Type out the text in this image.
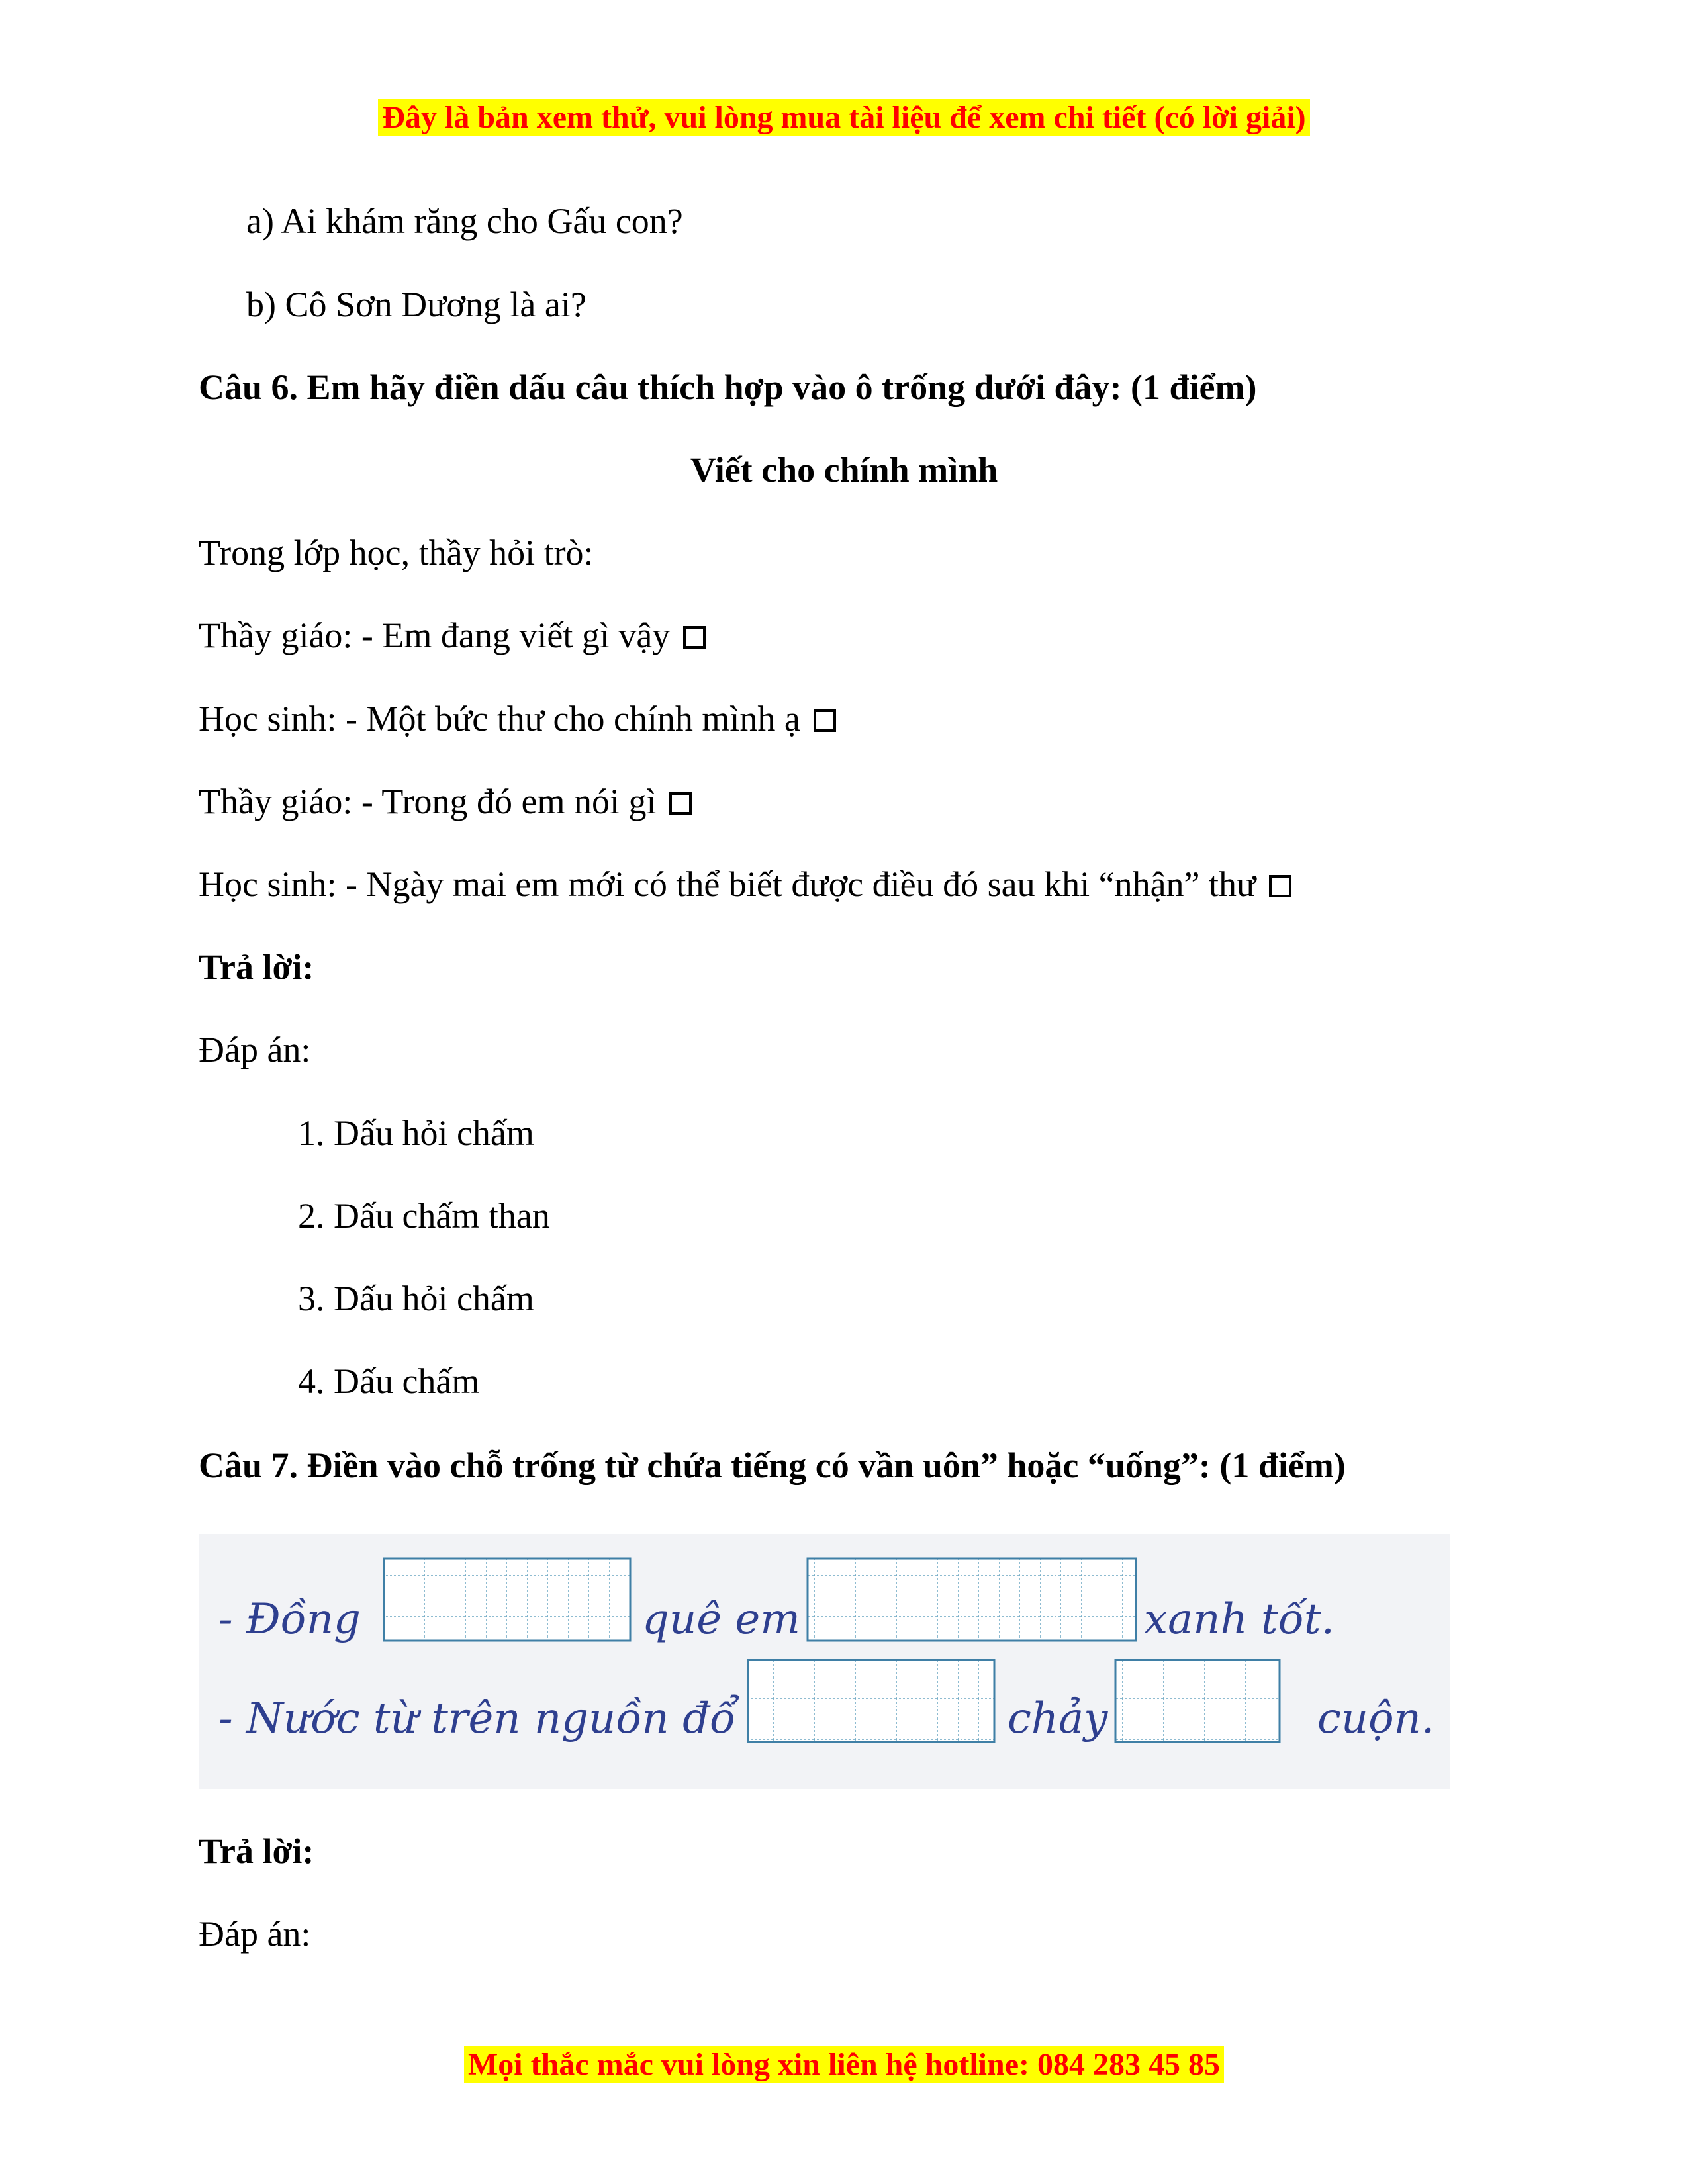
Đây là bản xem thử, vui lòng mua tài liệu để xem chi tiết (có lời giải)
a) Ai khám răng cho Gấu con?
b) Cô Sơn Dương là ai?
Câu 6. Em hãy điền dấu câu thích hợp vào ô trống dưới đây: (1 điểm)
Viết cho chính mình
Trong lớp học, thầy hỏi trò:
Thầy giáo: - Em đang viết gì vậy
Học sinh: - Một bức thư cho chính mình ạ
Thầy giáo: - Trong đó em nói gì
Học sinh: - Ngày mai em mới có thể biết được điều đó sau khi “nhận” thư
Trả lời:
Đáp án:
1. Dấu hỏi chấm
2. Dấu chấm than
3. Dấu hỏi chấm
4. Dấu chấm
Câu 7. Điền vào chỗ trống từ chứa tiếng có vần uôn” hoặc “uống”: (1 điểm)
- Đồng	quê em	xanh tốt.
- Nước từ trên nguồn đổ	chảy	cuộn.
Trả lời:
Đáp án:
Mọi thắc mắc vui lòng xin liên hệ hotline: 084 283 45 85
